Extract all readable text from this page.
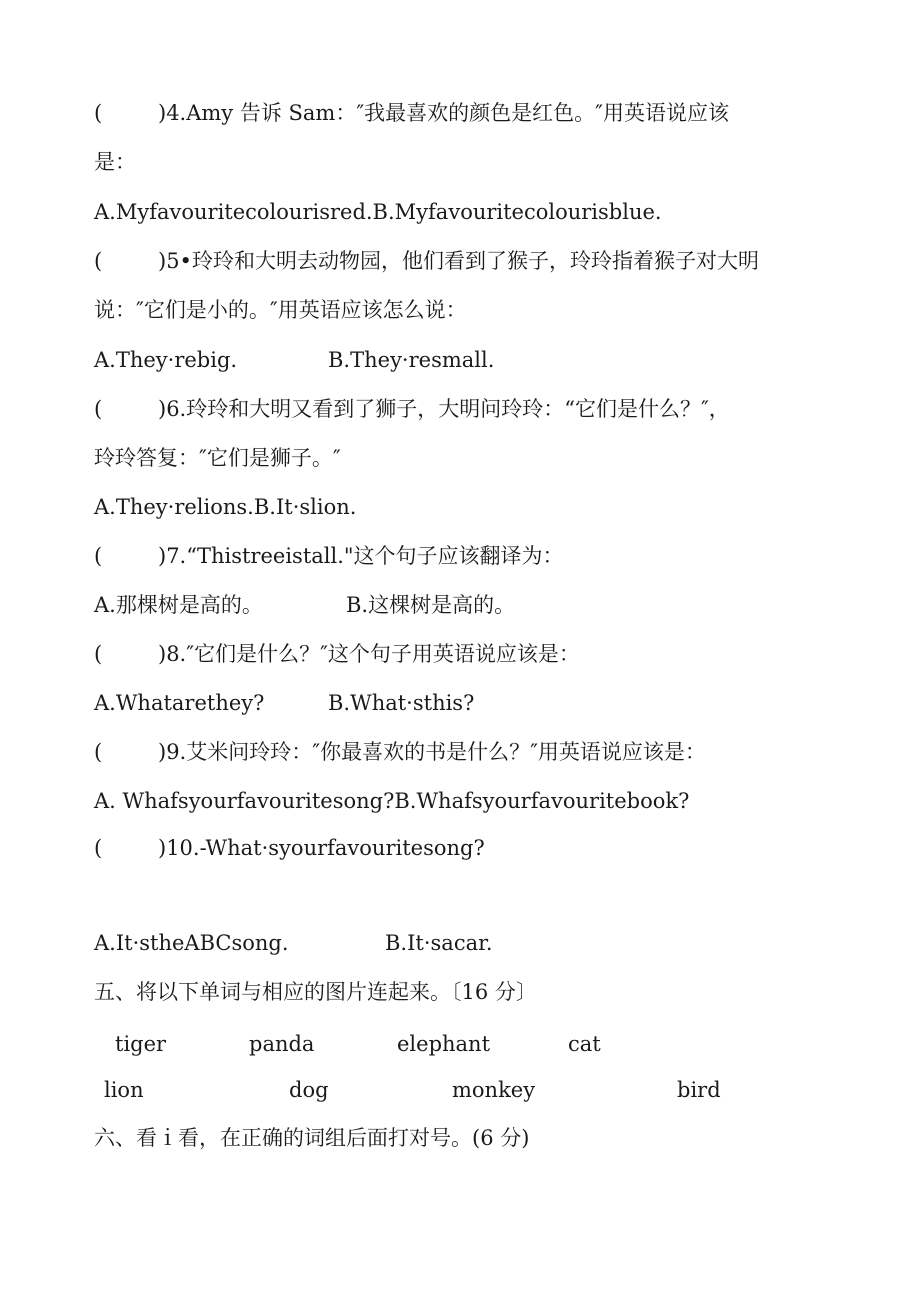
(	)4.Amy 告诉 Sam：″我最喜欢的颜色是红色。″用英语说应该
是：
A.Myfavouritecolourisred.B.Myfavouritecolourisblue.
(	)5•玲玲和大明去动物园，他们看到了猴子，玲玲指着猴子对大明
说：″它们是小的。″用英语应该怎么说：
A.They·rebig.	B.They·resmall.
(	)6.玲玲和大明又看到了狮子，大明问玲玲：“它们是什么？″，
玲玲答复：″它们是狮子。″
A.They·relions.B.It·slion.
(	)7.“Thistreeistall."这个句子应该翻译为：
A.那棵树是高的。	B.这棵树是高的。
(	)8.″它们是什么？″这个句子用英语说应该是：
A.Whatarethey?	B.What·sthis?
(	)9.艾米问玲玲：″你最喜欢的书是什么？″用英语说应该是：
A. Whafsyourfavouritesong?B.Whafsyourfavouritebook?
(	)10.-What·syourfavouritesong?
A.It·stheABCsong.	B.It·sacar.
五、将以下单词与相应的图片连起来。〔16 分〕
tiger	panda	elephant	cat
lion	dog	monkey	bird
六、看ｉ看，在正确的词组后面打对号。(6 分)
